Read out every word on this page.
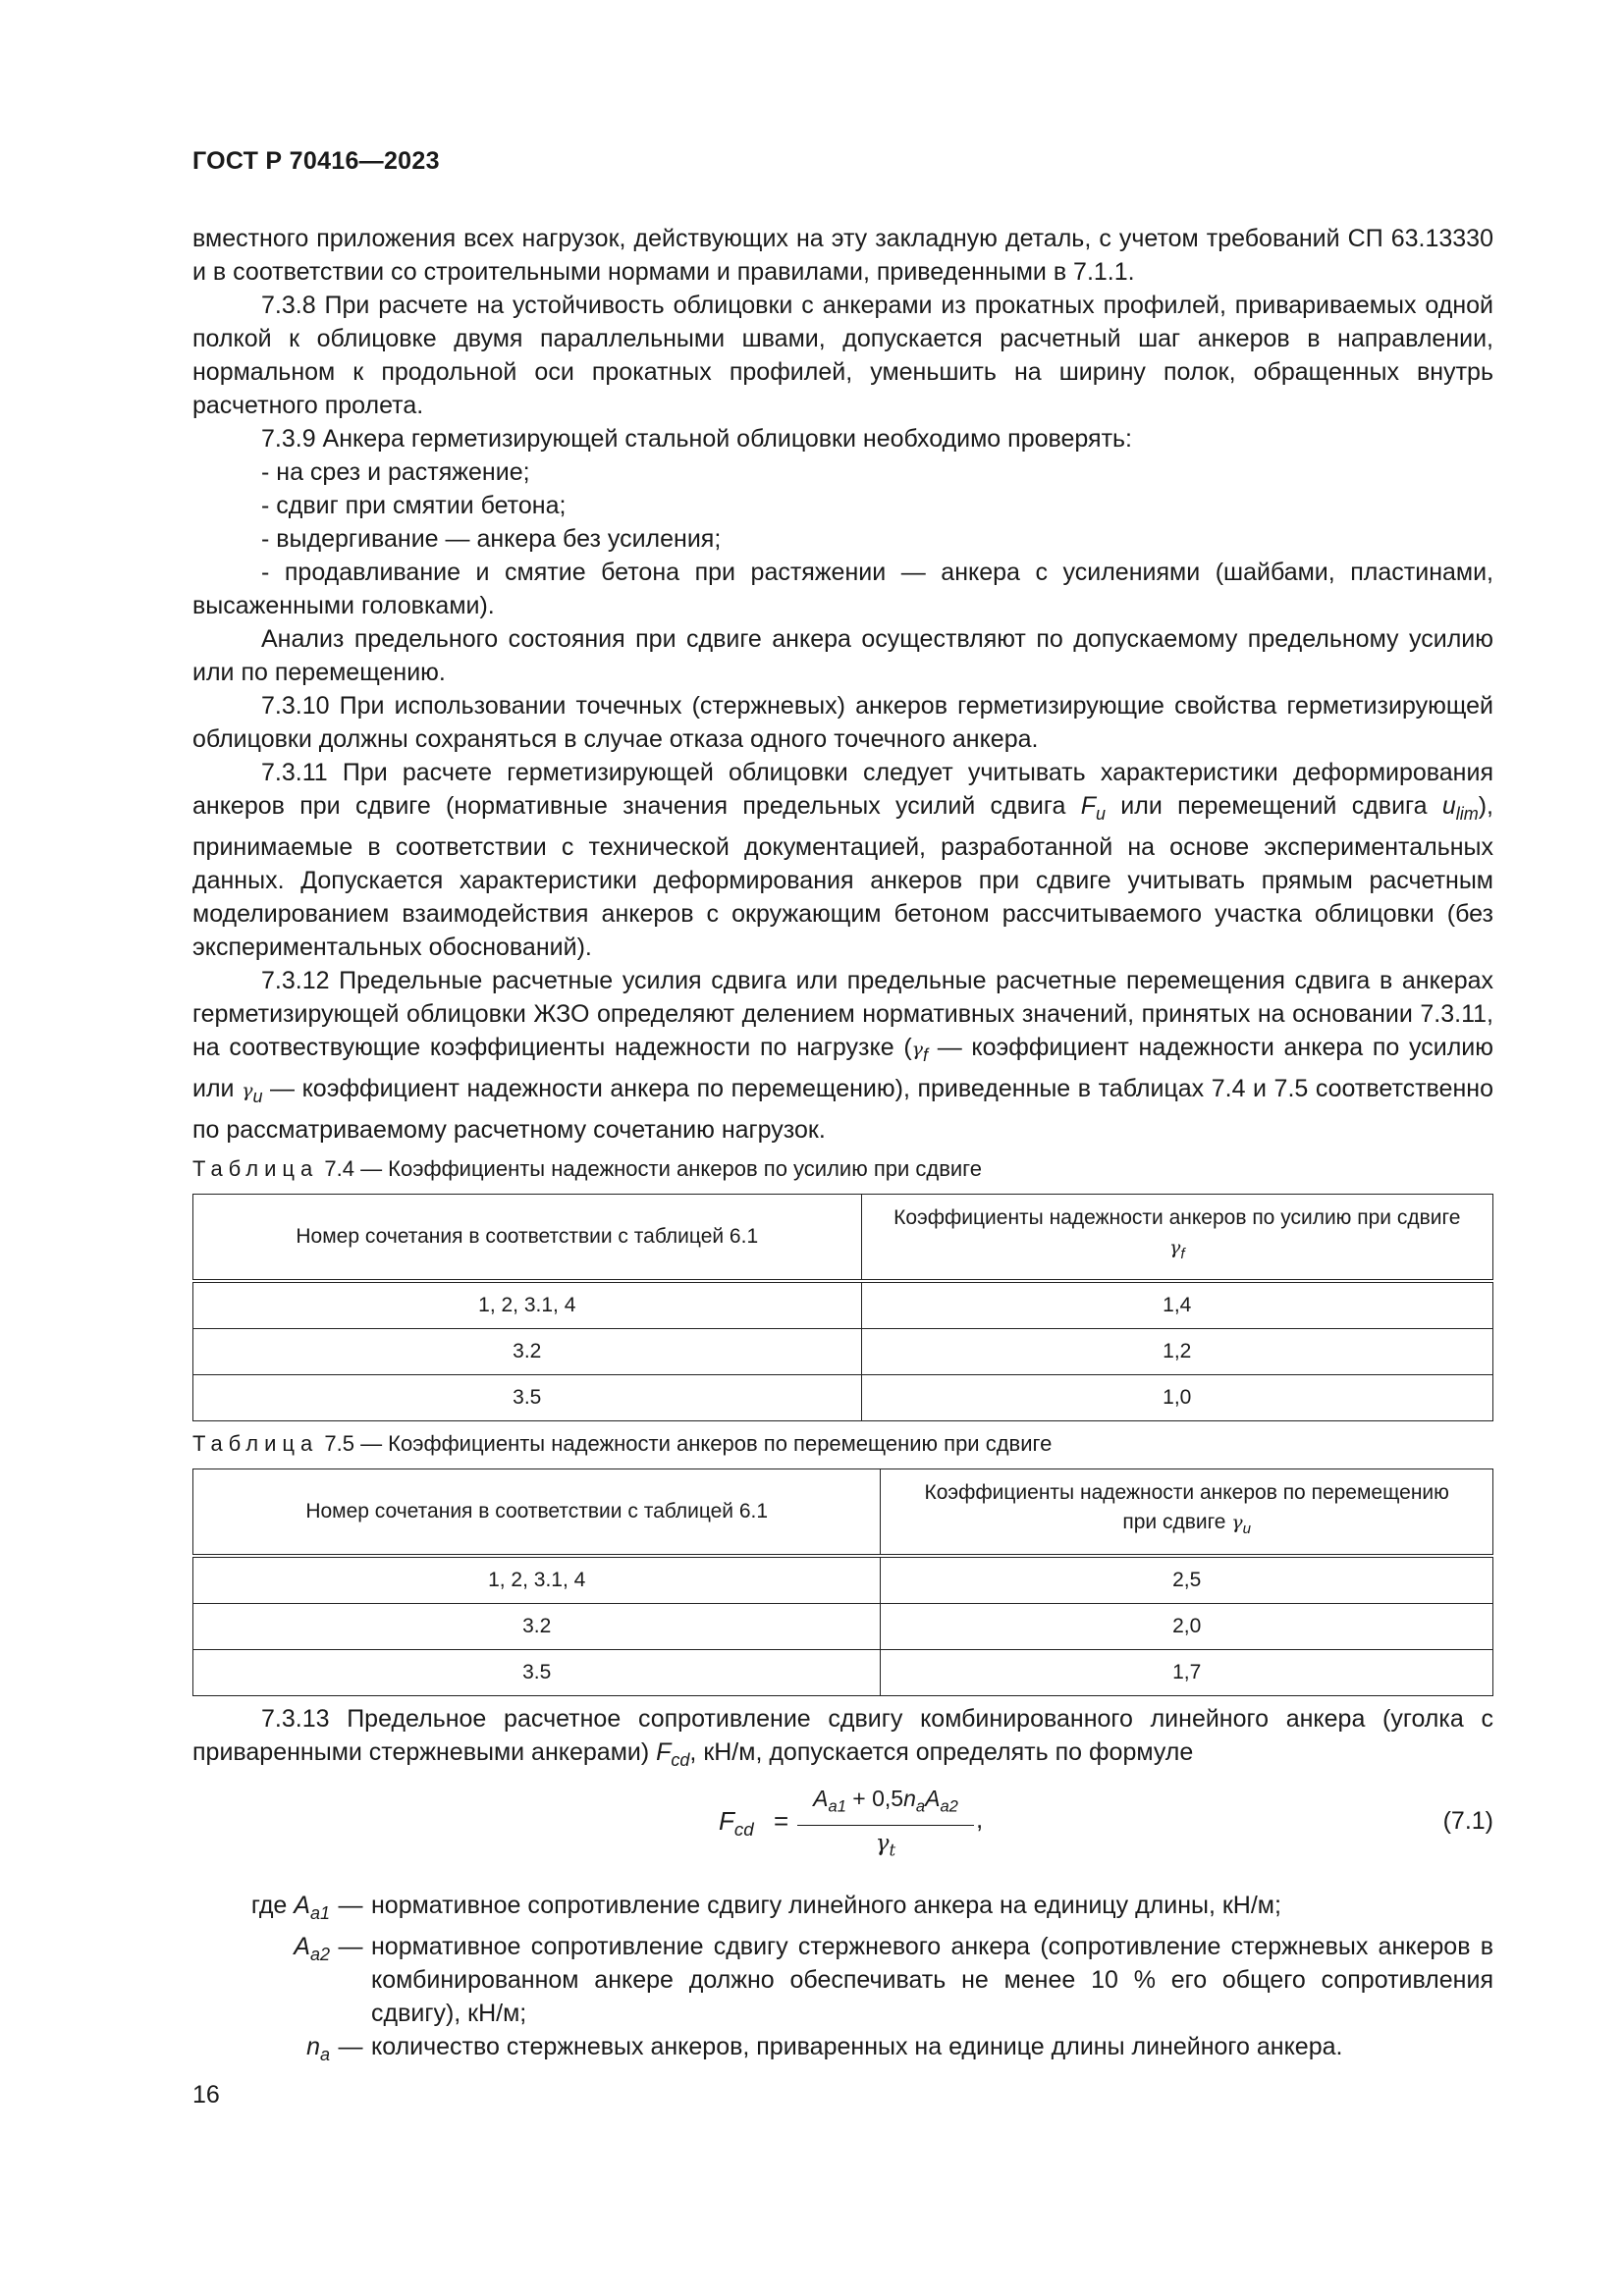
ГОСТ Р 70416—2023

вместного приложения всех нагрузок, действующих на эту закладную деталь, с учетом требований СП 63.13330 и в соответствии со строительными нормами и правилами, приведенными в 7.1.1.

7.3.8 При расчете на устойчивость облицовки с анкерами из прокатных профилей, привариваемых одной полкой к облицовке двумя параллельными швами, допускается расчетный шаг анкеров в направлении, нормальном к продольной оси прокатных профилей, уменьшить на ширину полок, обращенных внутрь расчетного пролета.

7.3.9 Анкера герметизирующей стальной облицовки необходимо проверять:

- на срез и растяжение;

- сдвиг при смятии бетона;

- выдергивание — анкера без усиления;

- продавливание и смятие бетона при растяжении — анкера с усилениями (шайбами, пластинами, высаженными головками).

Анализ предельного состояния при сдвиге анкера осуществляют по допускаемому предельному усилию или по перемещению.

7.3.10 При использовании точечных (стержневых) анкеров герметизирующие свойства герметизирующей облицовки должны сохраняться в случае отказа одного точечного анкера.

7.3.11 При расчете герметизирующей облицовки следует учитывать характеристики деформирования анкеров при сдвиге (нормативные значения предельных усилий сдвига $F_u$ или перемещений сдвига $u_{lim}$), принимаемые в соответствии с технической документацией, разработанной на основе экспериментальных данных. Допускается характеристики деформирования анкеров при сдвиге учитывать прямым расчетным моделированием взаимодействия анкеров с окружающим бетоном рассчитываемого участка облицовки (без экспериментальных обоснований).

7.3.12 Предельные расчетные усилия сдвига или предельные расчетные перемещения сдвига в анкерах герметизирующей облицовки ЖЗО определяют делением нормативных значений, принятых на основании 7.3.11, на соотвествующие коэффициенты надежности по нагрузке ($\gamma_f$ — коэффициент надежности анкера по усилию или $\gamma_u$ — коэффициент надежности анкера по перемещению), приведенные в таблицах 7.4 и 7.5 соответственно по рассматриваемому расчетному сочетанию нагрузок.

Таблица 7.4 — Коэффициенты надежности анкеров по усилию при сдвиге
Номер сочетания в соответствии с таблицей 6.1	Коэффициенты надежности анкеров по усилию при сдвиге
$\gamma_f$
1, 2, 3.1, 4	1,4
3.2	1,2
3.5	1,0
Таблица 7.5 — Коэффициенты надежности анкеров по перемещению при сдвиге
Номер сочетания в соответствии с таблицей 6.1	Коэффициенты надежности анкеров по перемещению
при сдвиге $\gamma_u$
1, 2, 3.1, 4	2,5
3.2	2,0
3.5	1,7

7.3.13 Предельное расчетное сопротивление сдвигу комбинированного линейного анкера (уголка с приваренными стержневыми анкерами) $F_{cd}$, кН/м, допускается определять по формуле

$F_{cd}$ =
$A_{a1} + 0,5n_aA_{a2}$
$\gamma_t$
,	(7.1)
где $A_{a1}$ — нормативное сопротивление сдвигу линейного анкера на единицу длины, кН/м;
$A_{a2}$ — нормативное сопротивление сдвигу стержневого анкера (сопротивление стержневых анкеров в комбинированном анкере должно обеспечивать не менее 10 % его общего сопротивления сдвигу), кН/м;
$n_a$ — количество стержневых анкеров, приваренных на единице длины линейного анкера.
16
